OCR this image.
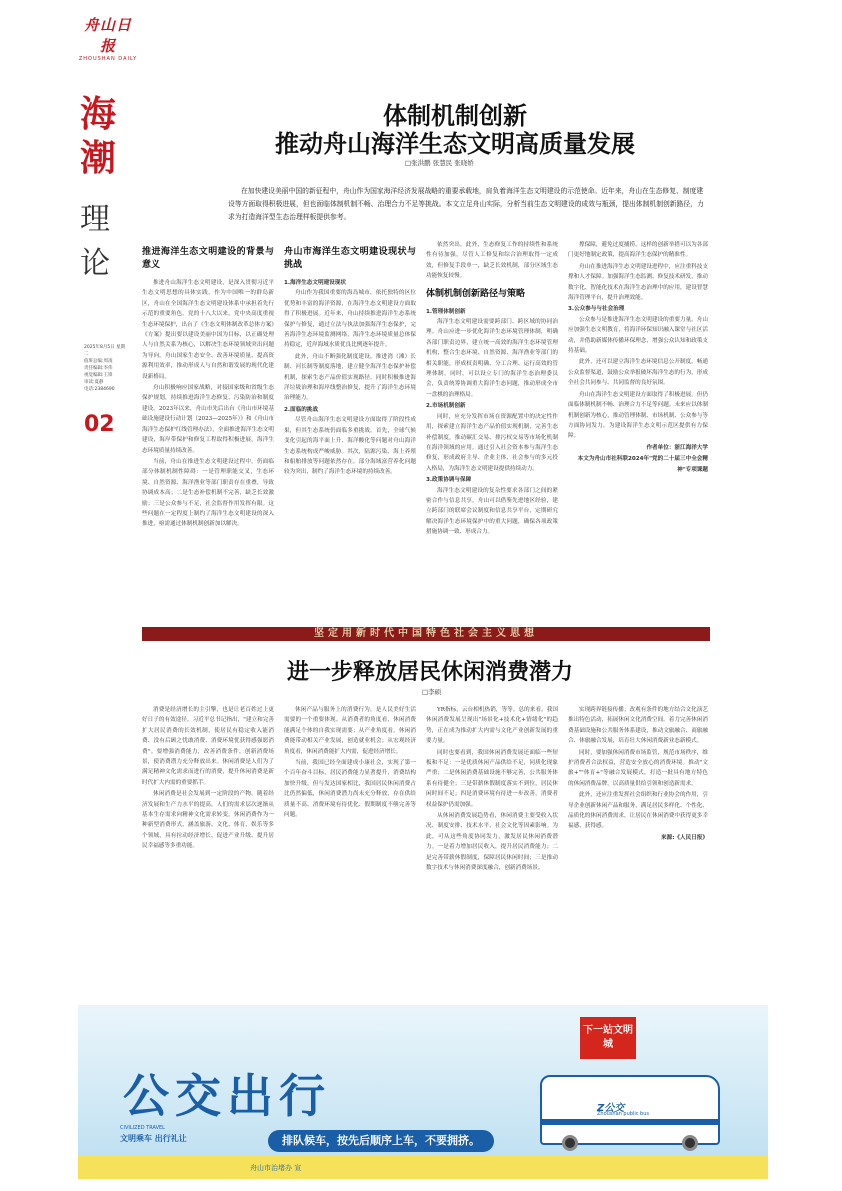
舟山日报
ZHOUSHAN DAILY
海
潮
理
论
2025年8月5日 星期二
值班总编:周凌
责任编辑:李伟
视觉编辑:王锋
审读:夏静
电话:2384690
02
体制机制创新
推动舟山海洋生态文明高质量发展
□张洪鹏 张慧民 张晓娇
在加快建设美丽中国的新征程中，舟山作为国家海洋经济发展战略的重要承载地，肩负着海洋生态文明建设的示范使命。近年来，舟山在生态修复、制度建设等方面取得积极进展，但也面临体制机制不畅、治理合力不足等挑战。本文立足舟山实际，分析当前生态文明建设的成效与瓶颈，提出体制机制创新路径，力求为打造海洋型生态治理样板提供参考。
推进海洋生态文明建设的背景与意义

推进舟山海洋生态文明建设，是深入贯彻习近平生态文明思想的具体实践。作为中国唯一的群岛新区，舟山在全国海洋生态文明建设体系中承担着先行示范的重要角色。党的十八大以来，党中央高度重视生态环境保护，出台了《生态文明体制改革总体方案》《方案》提出要以建设美丽中国为目标，以正确处理人与自然关系为核心，以解决生态环境领域突出问题为导向。舟山国家生态安全、改善环境质量、提高资源利用效率，推动形成人与自然和谐发展的现代化建设新格局。

舟山积极响应国家战略，对接国家级和省级生态保护规划，持续推进海洋生态修复、污染防治和制度建设。2023年以来，舟山市先后出台《舟山市环境基础设施建设行动计划（2023—2025年）》和《舟山市海洋生态保护红线管理办法》，全面推进海洋生态文明建设，海岸带保护和修复工程取得积极进展，海洋生态环境质量持续改善。

当前，舟山在推进生态文明建设过程中，仍面临部分体制机制性障碍：一是管理职能交叉，生态环境、自然资源、海洋渔业等部门职责存在重叠，导致协调成本高；二是生态补偿机制不完善，缺乏长效激励；三是公众参与不足，社会监督作用发挥有限。这些问题在一定程度上制约了海洋生态文明建设的深入推进，亟需通过体制机制创新加以解决。

舟山市海洋生态文明建设现状与挑战
1.海洋生态文明建设现状

舟山作为我国重要的海岛城市，依托独特的区位优势和丰富的海洋资源，在海洋生态文明建设方面取得了积极进展。近年来，舟山持续推进海洋生态系统保护与修复，通过立法与执法加强海洋生态保护，完善海洋生态环境监测网络，海洋生态环境质量总体保持稳定，近岸海域水质优良比例逐年提升。

此外，舟山不断强化制度建设，推进湾（滩）长制、河长制等制度落地，建立健全海洋生态保护补偿机制，探索生态产品价值实现路径。同时积极推进海洋垃圾治理和海岸线整治修复，提升了海洋生态环境治理能力。

2.面临的挑战

尽管舟山海洋生态文明建设方面取得了阶段性成果，但其生态系统仍面临多重挑战。首先，全球气候变化引起的海平面上升、海洋酸化等问题对舟山海洋生态系统构成严峻威胁。其次，陆源污染、海上养殖和船舶排放等问题依然存在，部分海域富营养化问题较为突出，制约了海洋生态环境的持续改善。

依然突出。此外，生态修复工作的持续性和系统性有待加强，尽管人工修复和综合治理取得一定成效，但修复手段单一，缺乏长效机制，部分区域生态功能恢复较慢。

体制机制创新路径与策略
1.管理体制创新

海洋生态文明建设需要跨部门、跨区域的协同治理。舟山应进一步优化海洋生态环境管理体制，明确各部门职责边界，建立统一高效的海洋生态环境管理机构，整合生态环境、自然资源、海洋渔业等部门的相关职能，形成权责明确、分工合理、运行高效的管理体制。同时，可以设立专门的海洋生态治理委员会，负责统筹协调重大海洋生态问题，推动形成全市一盘棋的治理格局。

2.市场机制创新

同时，应充分发挥市场在资源配置中的决定性作用，探索建立海洋生态产品价值实现机制，完善生态补偿制度，推动碳汇交易、排污权交易等市场化机制在海洋领域的应用。通过引入社会资本参与海洋生态修复，形成政府主导、企业主体、社会参与的多元投入格局，为海洋生态文明建设提供持续动力。

3.政策协调与保障

海洋生态文明建设的复杂性要求各部门之间的紧密合作与信息共享。舟山可以借鉴先进地区经验，建立跨部门的联席会议制度和信息共享平台，定期研究解决海洋生态环境保护中的重大问题，确保各项政策措施协调一致、形成合力。

撑保障，避免过度捕捞，这样的创新举措可以为各部门更好地制定政策，提高海洋生态保护的精准性。

舟山在推进海洋生态文明建设进程中，应注重科技支撑和人才保障。加强海洋生态监测、修复技术研发，推动数字化、智能化技术在海洋生态治理中的应用，建设智慧海洋管理平台，提升治理效能。

3.公众参与与社会治理

公众参与是推进海洋生态文明建设的重要力量。舟山应加强生态文明教育，将海洋环保知识融入课堂与社区活动，并借助新媒体传播环保理念，增强公众认知和政策支持基础。

此外，还可以建立海洋生态环境信息公开制度，畅通公众监督渠道，鼓励公众举报破坏海洋生态的行为，形成全社会共同参与、共同监督的良好氛围。

舟山在海洋生态文明建设方面取得了积极进展，但仍面临体制机制不畅、治理合力不足等问题。未来应以体制机制创新为核心，推动管理体制、市场机制、公众参与等方面协同发力，为建设海洋生态文明示范区提供有力保障。

作者单位：浙江海洋大学

本文为舟山市社科联2024年"党的二十届三中全会精神"专项课题

坚定用新时代中国特色社会主义思想
进一步释放居民休闲消费潜力
□李硕

消费是经济增长的主引擎，也是让老百姓过上更好日子的有效途径。习近平总书记指出，"建立和完善扩大居民消费的长效机制，使居民有稳定收入能消费、没有后顾之忧敢消费、消费环境优获得感强愿消费"。要增强消费能力，改善消费条件，创新消费场景，使消费潜力充分释放出来。休闲消费是人们为了满足精神文化需求而进行的消费，提升休闲消费是新时代扩大内需的重要抓手。

休闲消费是社会发展到一定阶段的产物。随着经济发展和生产力水平的提高，人们的需求层次逐渐从基本生存需求向精神文化需求转变。休闲消费作为一种新型消费形式，涵盖旅游、文化、体育、娱乐等多个领域，具有拉动经济增长、促进产业升级、提升居民幸福感等多重功能。

休闲产品与服务上的消费行为，是人民美好生活需要的一个重要体现。从消费者的角度看，休闲消费能满足个体的自我实现需要；从产业角度看，休闲消费能带动相关产业发展，创造就业机会；从宏观经济角度看，休闲消费能扩大内需，促进经济增长。

当前，我国已经全面建成小康社会，实现了第一个百年奋斗目标，居民消费能力显著提升，消费结构加快升级。但与发达国家相比，我国居民休闲消费占比仍然偏低，休闲消费潜力尚未充分释放，存在供给质量不高、消费环境有待优化、假期制度不够完善等问题。

YR指标，云台相机热销，等等。总的来看，我国休闲消费发展呈现出"场景化+技术化+情绪化"的趋势，正在成为推动扩大内需与文化产业创新发展的重要力量。

同时也要看到，我国休闲消费发展还面临一些短板和不足：一是优质休闲产品供给不足，同质化现象严重；二是休闲消费基础设施不够完善，公共服务体系有待健全；三是带薪休假制度落实不到位，居民休闲时间不足；四是消费环境有待进一步改善，消费者权益保护仍需加强。

从休闲消费发展趋势看，休闲消费主要受收入状况、制度安排、技术水平、社会文化等因素影响。为此，可从这些角度协同发力，激发居民休闲消费潜力。一是着力增加居民收入，提升居民消费能力；二是完善带薪休假制度，保障居民休闲时间；三是推动数字技术与休闲消费深度融合，创新消费场景。

实现跨界链接传播；改观有条件的地方结合文化演艺推出特色活动，拓展休闲文化消费空间。着力完善休闲消费基础设施和公共服务体系建设，推动文旅融合、商旅融合、体旅融合发展，培育壮大休闲消费新业态新模式。

同时，要加强休闲消费市场监管，规范市场秩序，维护消费者合法权益，营造安全放心的消费环境。推动"文旅+""体育+"等融合发展模式，打造一批具有地方特色的休闲消费品牌，以高质量供给引领和创造新需求。

此外，还应注重发挥社会组织和行业协会的作用，引导企业创新休闲产品和服务，满足居民多样化、个性化、品质化的休闲消费需求，让居民在休闲消费中获得更多幸福感、获得感。

来源:《人民日报》

下一站文明城
公交出行
CIVILIZED TRAVEL
文明乘车 出行礼让	排队候车，按先后顺序上车，不要拥挤。
Z公交
Zhoushan public bus
舟山市治堵办 宣
